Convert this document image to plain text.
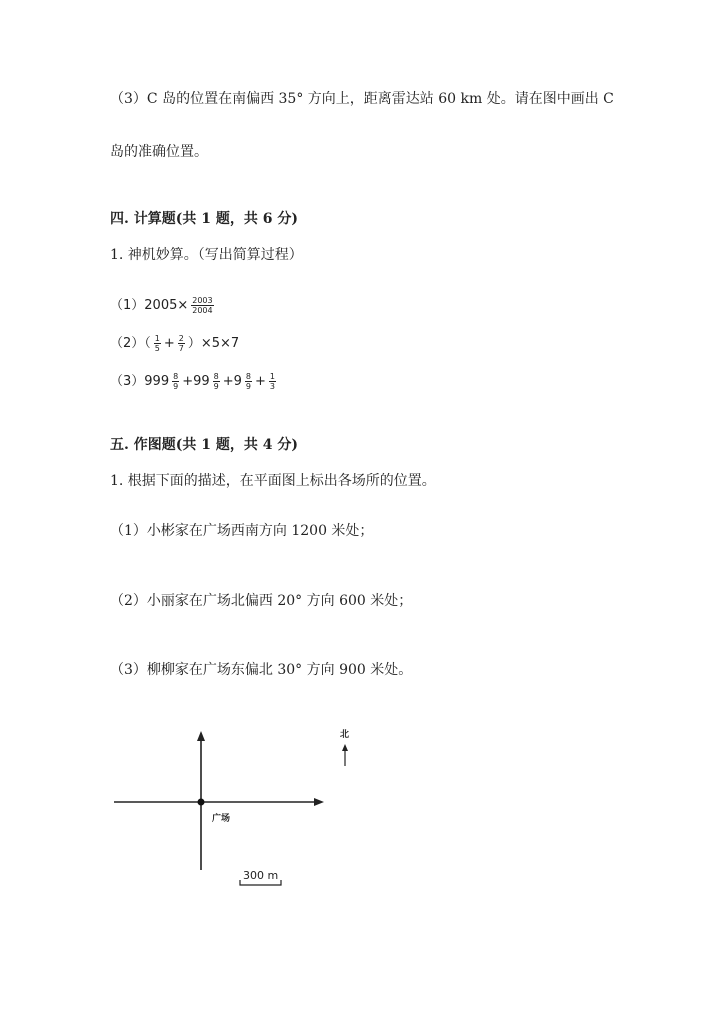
（3）C 岛的位置在南偏西 35° 方向上，距离雷达站 60 km 处。请在图中画出 C
岛的准确位置。
四. 计算题(共 1 题，共 6 分)
1. 神机妙算。（写出简算过程）
$(1)2005\times \frac{2003}{2004}$
$(2)( \frac{1}{5} + \frac{2}{7} )\times 5\times 7$
$(3)999 \frac{8}{9} +99 \frac{8}{9} +9 \frac{8}{9} + \frac{1}{3}$
五. 作图题(共 1 题，共 4 分)
1. 根据下面的描述，在平面图上标出各场所的位置。
（1）小彬家在广场西南方向 1200 米处；
（2）小丽家在广场北偏西 20° 方向 600 米处；
（3）柳柳家在广场东偏北 30° 方向 900 米处。
广场
北
300 m
